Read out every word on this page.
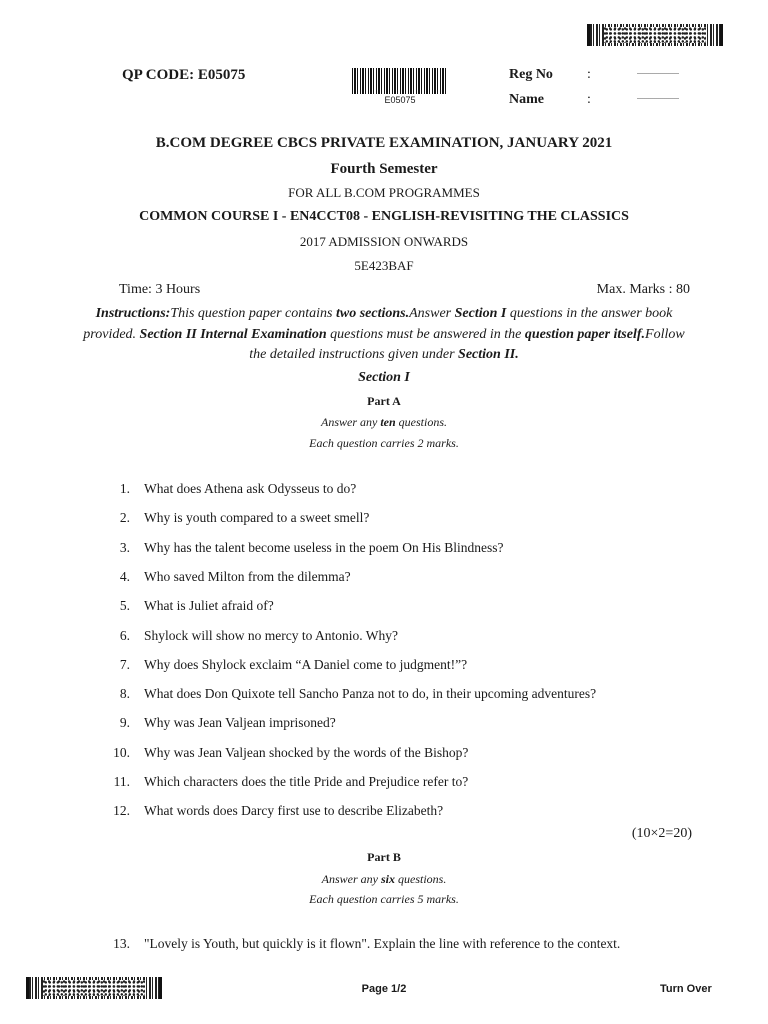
QP CODE: E05075
E05075
Reg No :	.....................
Name	:	.....................
B.COM DEGREE CBCS PRIVATE EXAMINATION, JANUARY 2021
Fourth Semester
FOR ALL B.COM PROGRAMMES
COMMON COURSE I - EN4CCT08 - ENGLISH-REVISITING THE CLASSICS
2017 ADMISSION ONWARDS
5E423BAF
Time: 3 Hours	Max. Marks : 80
Instructions:This question paper contains two sections.Answer Section I questions in the answer book
provided. Section II Internal Examination questions must be answered in the question paper itself.Follow
the detailed instructions given under Section II.
Section I
Part A
Answer any ten questions.
Each question carries 2 marks.
1. What does Athena ask Odysseus to do?
2. Why is youth compared to a sweet smell?
3. Why has the talent become useless in the poem On His Blindness?
4. Who saved Milton from the dilemma?
5. What is Juliet afraid of?
6. Shylock will show no mercy to Antonio. Why?
7. Why does Shylock exclaim “A Daniel come to judgment!”?
8. What does Don Quixote tell Sancho Panza not to do, in their upcoming adventures?
9. Why was Jean Valjean imprisoned?
10. Why was Jean Valjean shocked by the words of the Bishop?
11. Which characters does the title Pride and Prejudice refer to?
12. What words does Darcy first use to describe Elizabeth?
(10×2=20)
Part B
Answer any six questions.
Each question carries 5 marks.
13. "Lovely is Youth, but quickly is it flown". Explain the line with reference to the context.
Page 1/2	Turn Over
